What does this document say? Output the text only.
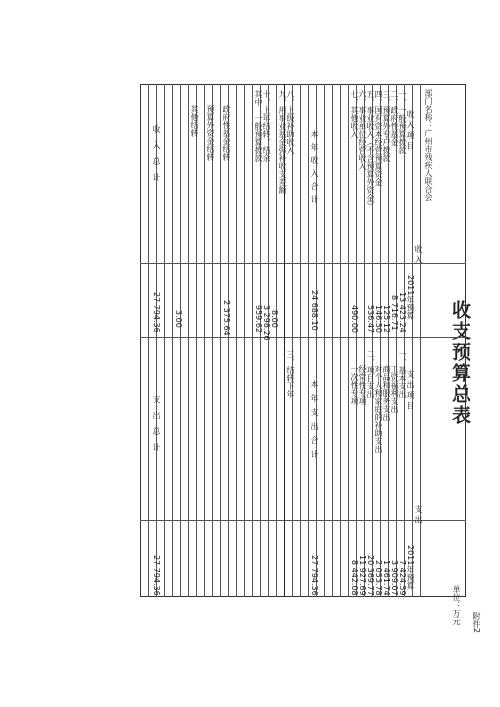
附件2
收支预算总表
单位：万元
部门名称：广州市残疾人联合会
收 入
支 出
收 入 项 目
2011年预算
支 出 项 目
2011年预算
一、一般预算拨款
二、政府性基金
三、预算外专户拨款
四、国有资本经营预算资金
五、事业收入（不含预算外资金）
六、事业单位经营收入
七、其他收入
本年收入合计
八、上级补助收入
九、用事业基金弥补收支差额
十、上年结转、结余
其中：一般预算拨款
政府性基金结转
预算外资金结转
其他结转
收入总计
13 423.24
8 716.71
125.12
146.50
536.47
490.00
24 688.10
8.00
3 298.26
959.62
2 375.64
3.00
27 794.36
一、基本支出
工资福利支出
商品和服务支出
对个人和家庭的补助支出
二、项目支出
经常性专项
一次性专项
本年支出合计
三、结转下年
支出总计
7 424.59
3 909.07
1 461.74
2 053.78
20 369.77
11 927.69
8 442.08
27 794.36
27 794.36
